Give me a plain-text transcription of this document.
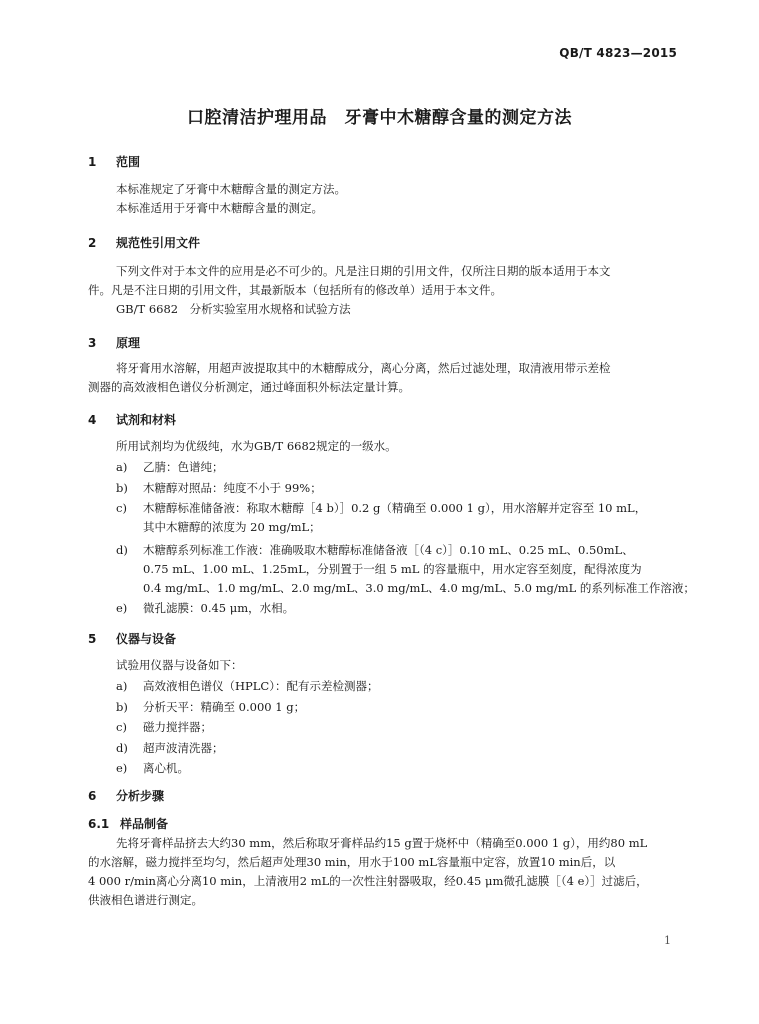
QB/T 4823—2015
口腔清洁护理用品　牙膏中木糖醇含量的测定方法
1 范围
本标准规定了牙膏中木糖醇含量的测定方法。
本标准适用于牙膏中木糖醇含量的测定。
2 规范性引用文件
下列文件对于本文件的应用是必不可少的。凡是注日期的引用文件，仅所注日期的版本适用于本文
件。凡是不注日期的引用文件，其最新版本（包括所有的修改单）适用于本文件。
GB/T 6682　分析实验室用水规格和试验方法
3 原理
将牙膏用水溶解，用超声波提取其中的木糖醇成分，离心分离，然后过滤处理，取清液用带示差检
测器的高效液相色谱仪分析测定，通过峰面积外标法定量计算。
4 试剂和材料
所用试剂均为优级纯，水为GB/T 6682规定的一级水。
a)	乙腈：色谱纯；
b)	木糖醇对照品：纯度不小于 99%；
c)	木糖醇标准储备液：称取木糖醇［4 b）］0.2 g（精确至 0.000 1 g），用水溶解并定容至 10 mL，
其中木糖醇的浓度为 20 mg/mL；
d)	木糖醇系列标准工作液：准确吸取木糖醇标准储备液［（4 c）］0.10 mL、0.25 mL、0.50mL、
0.75 mL、1.00 mL、1.25mL，分别置于一组 5 mL 的容量瓶中，用水定容至刻度，配得浓度为
0.4 mg/mL、1.0 mg/mL、2.0 mg/mL、3.0 mg/mL、4.0 mg/mL、5.0 mg/mL 的系列标准工作溶液；
e)	微孔滤膜：0.45 μm，水相。
5 仪器与设备
试验用仪器与设备如下：
a)	高效液相色谱仪（HPLC）：配有示差检测器；
b)	分析天平：精确至 0.000 1 g；
c)	磁力搅拌器；
d)	超声波清洗器；
e)	离心机。
6 分析步骤
6.1 样品制备
先将牙膏样品挤去大约30 mm，然后称取牙膏样品约15 g置于烧杯中（精确至0.000 1 g），用约80 mL
的水溶解，磁力搅拌至均匀，然后超声处理30 min，用水于100 mL容量瓶中定容，放置10 min后，以
4 000 r/min离心分离10 min，上清液用2 mL的一次性注射器吸取，经0.45 μm微孔滤膜［（4 e）］过滤后，
供液相色谱进行测定。
1
